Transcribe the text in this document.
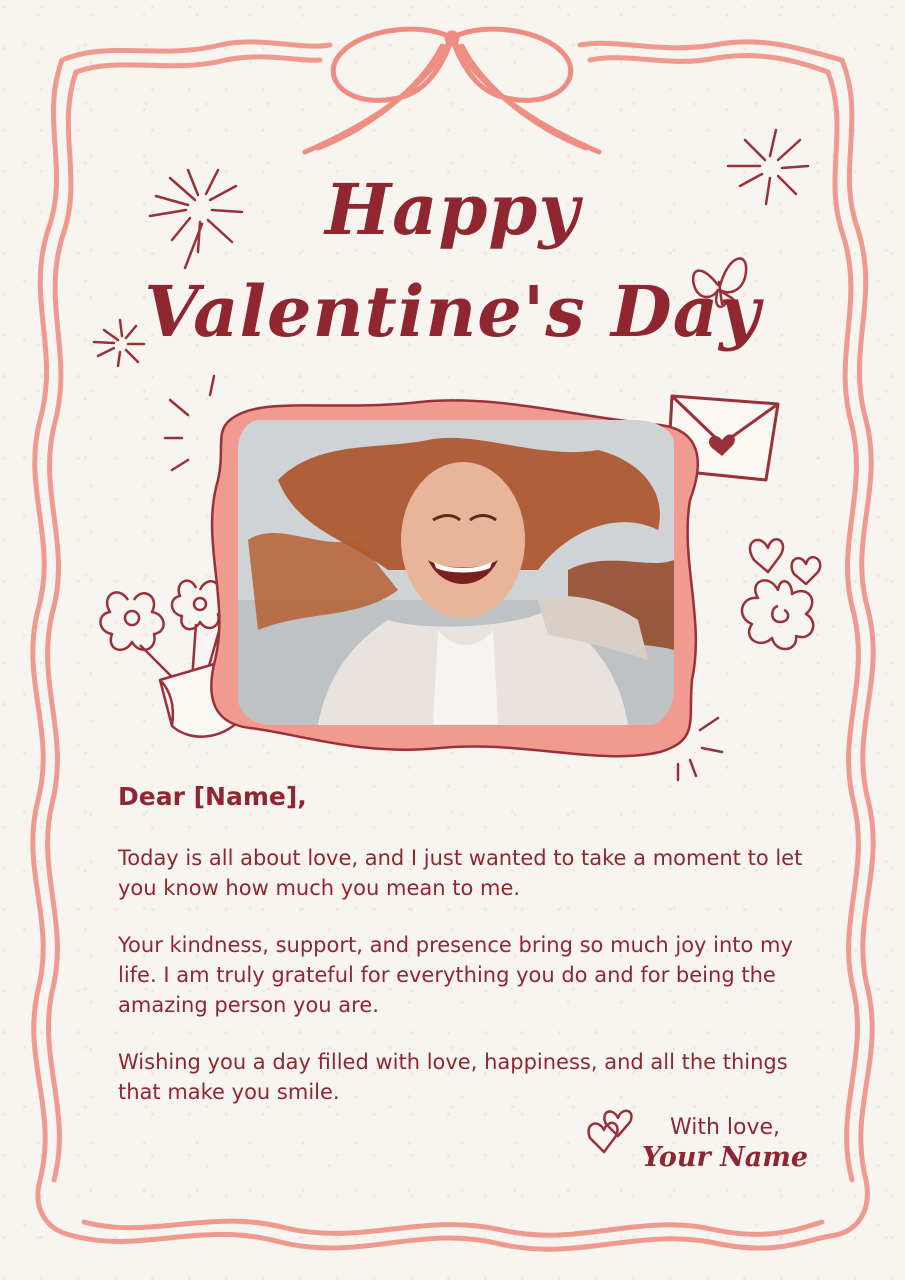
Happy
Valentine's Day
Dear [Name],
Today is all about love, and I just wanted to take a moment to let you know how much you mean to me.
Your kindness, support, and presence bring so much joy into my life. I am truly grateful for everything you do and for being the amazing person you are.
Wishing you a day filled with love, happiness, and all the things that make you smile.
With love,
Your Name
